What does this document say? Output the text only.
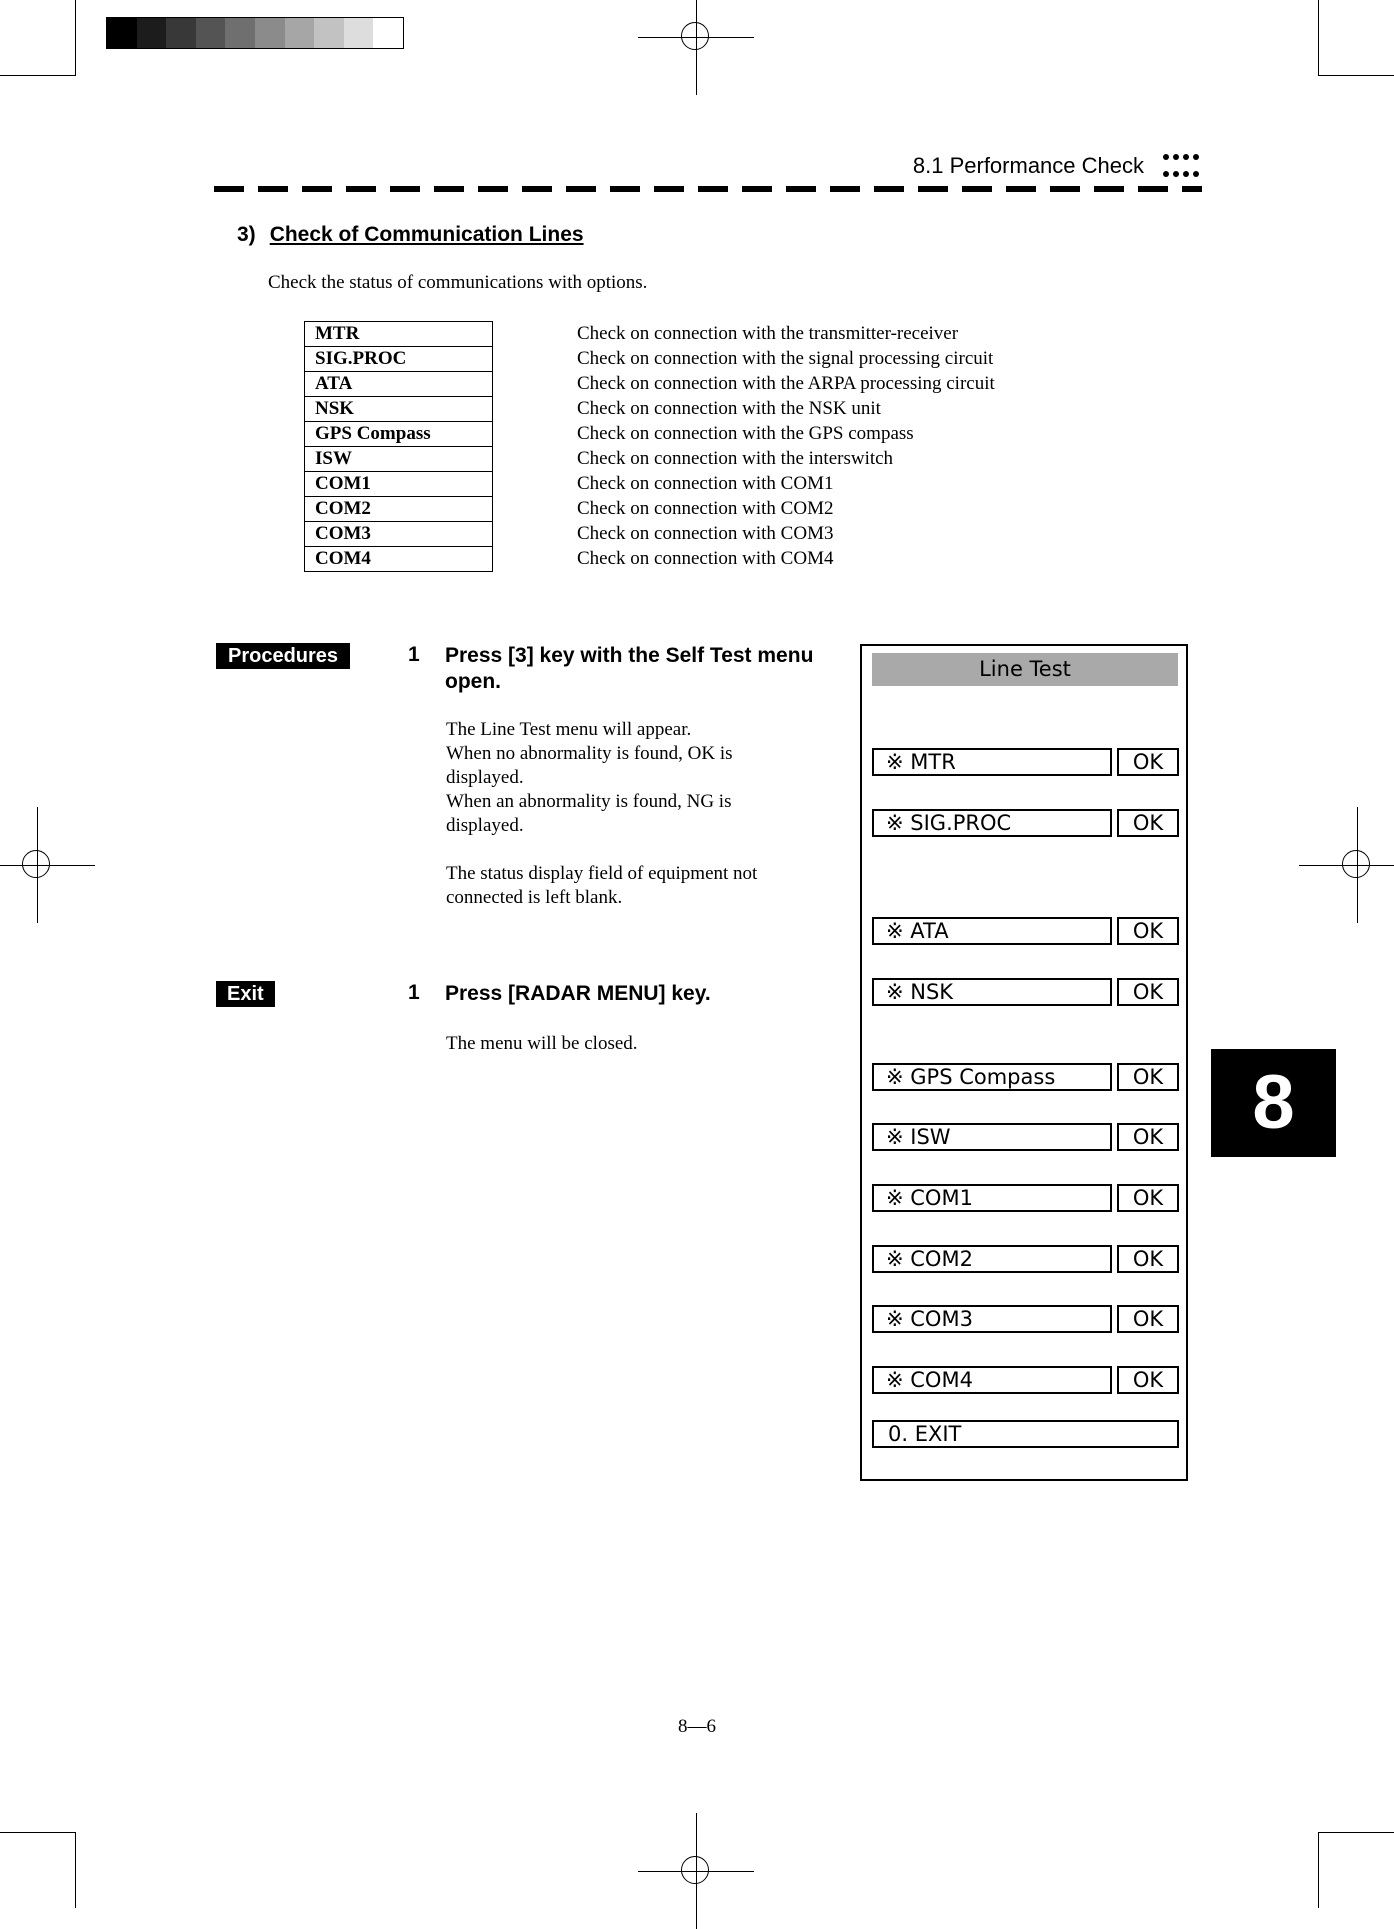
8.1 Performance Check
3) Check of Communication Lines
Check the status of communications with options.
MTR	Check on connection with the transmitter-receiver
SIG.PROC	Check on connection with the signal processing circuit
ATA	Check on connection with the ARPA processing circuit
NSK	Check on connection with the NSK unit
GPS Compass	Check on connection with the GPS compass
ISW	Check on connection with the interswitch
COM1	Check on connection with COM1
COM2	Check on connection with COM2
COM3	Check on connection with COM3
COM4	Check on connection with COM4
Procedures	1 Press [3] key with the Self Test menu
open.
The Line Test menu will appear.
When no abnormality is found, OK is
displayed.
When an abnormality is found, NG is
displayed.
The status display field of equipment not
connected is left blank.
Exit	1 Press [RADAR MENU] key.
The menu will be closed.
Line Test
※ MTR	OK
※ SIG.PROC	OK
※ ATA	OK
※ NSK	OK
※ GPS Compass	OK
※ ISW	OK
※ COM1	OK
※ COM2	OK
※ COM3	OK
※ COM4	OK
0. EXIT
8
8—6
